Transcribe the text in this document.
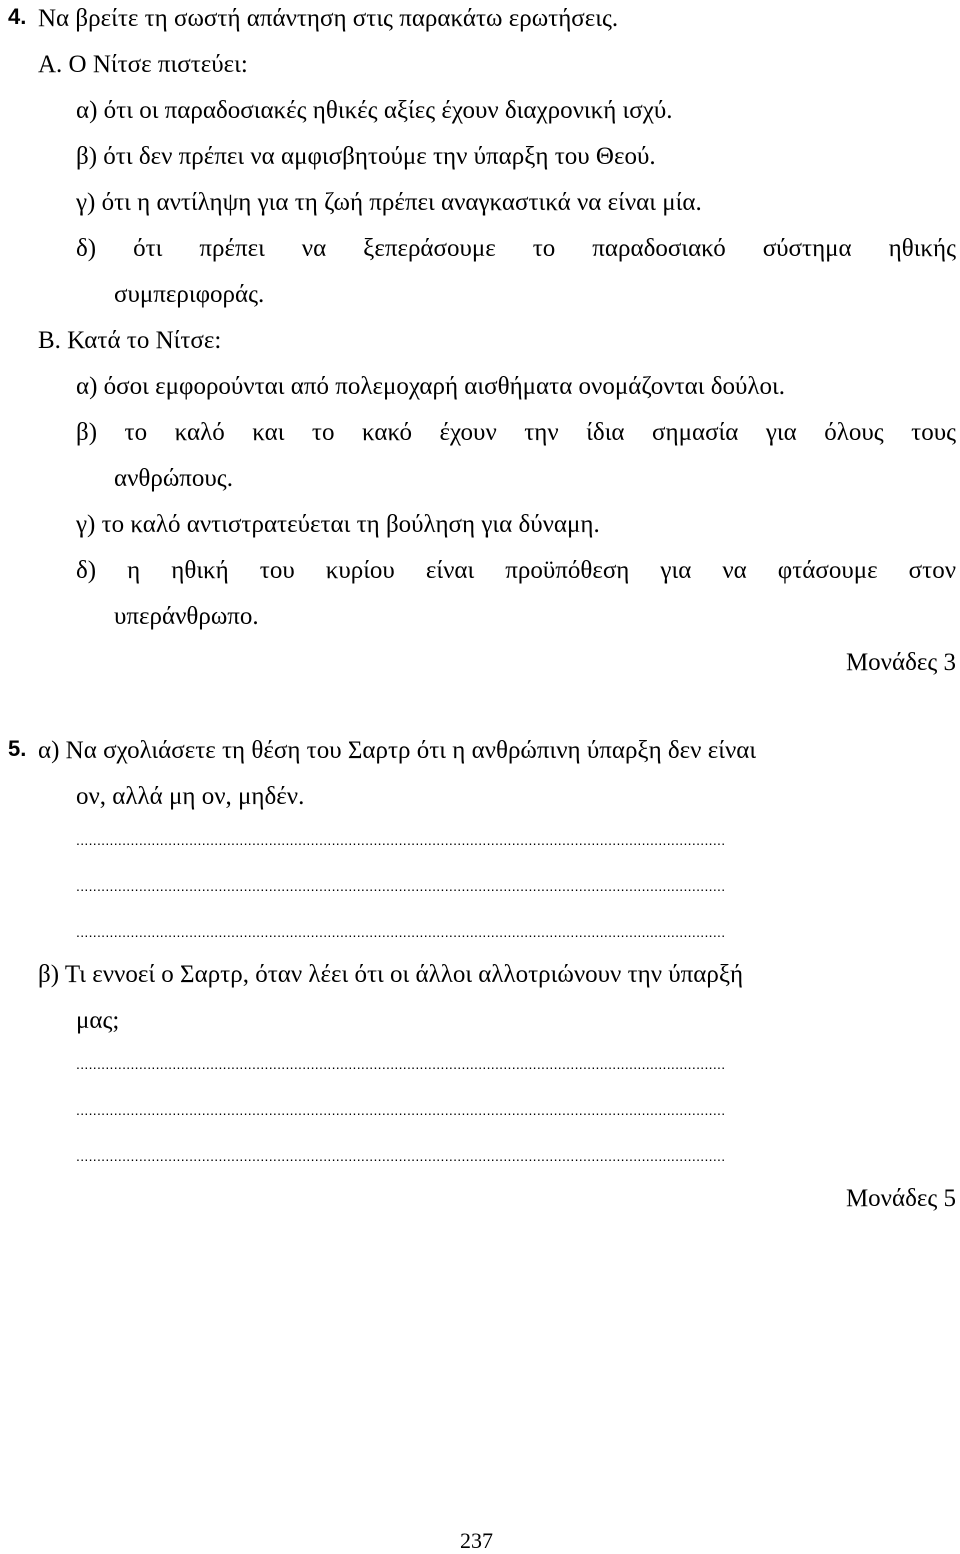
4. Να βρείτε τη σωστή απάντηση στις παρακάτω ερωτήσεις.
Α. Ο Νίτσε πιστεύει:
α) ότι οι παραδοσιακές ηθικές αξίες έχουν διαχρονική ισχύ.
β) ότι δεν πρέπει να αμφισβητούμε την ύπαρξη του Θεού.
γ) ότι η αντίληψη για τη ζωή πρέπει αναγκαστικά να είναι μία.
δ) ότι πρέπει να ξεπεράσουμε το παραδοσιακό σύστημα ηθικής
συμπεριφοράς.
Β. Κατά το Νίτσε:
α) όσοι εμφορούνται από πολεμοχαρή αισθήματα ονομάζονται δούλοι.
β) το καλό και το κακό έχουν την ίδια σημασία για όλους τους
ανθρώπους.
γ) το καλό αντιστρατεύεται τη βούληση για δύναμη.
δ) η ηθική του κυρίου είναι προϋπόθεση για να φτάσουμε στον
υπεράνθρωπο.
Μονάδες 3
5. α) Να σχολιάσετε τη θέση του Σαρτρ ότι η ανθρώπινη ύπαρξη δεν είναι
ον, αλλά μη ον, μηδέν.
...........................................................................................................................................................
...........................................................................................................................................................
...........................................................................................................................................................
β) Τι εννοεί ο Σαρτρ, όταν λέει ότι οι άλλοι αλλοτριώνουν την ύπαρξή
μας;
...........................................................................................................................................................
...........................................................................................................................................................
...........................................................................................................................................................
Μονάδες 5
237
